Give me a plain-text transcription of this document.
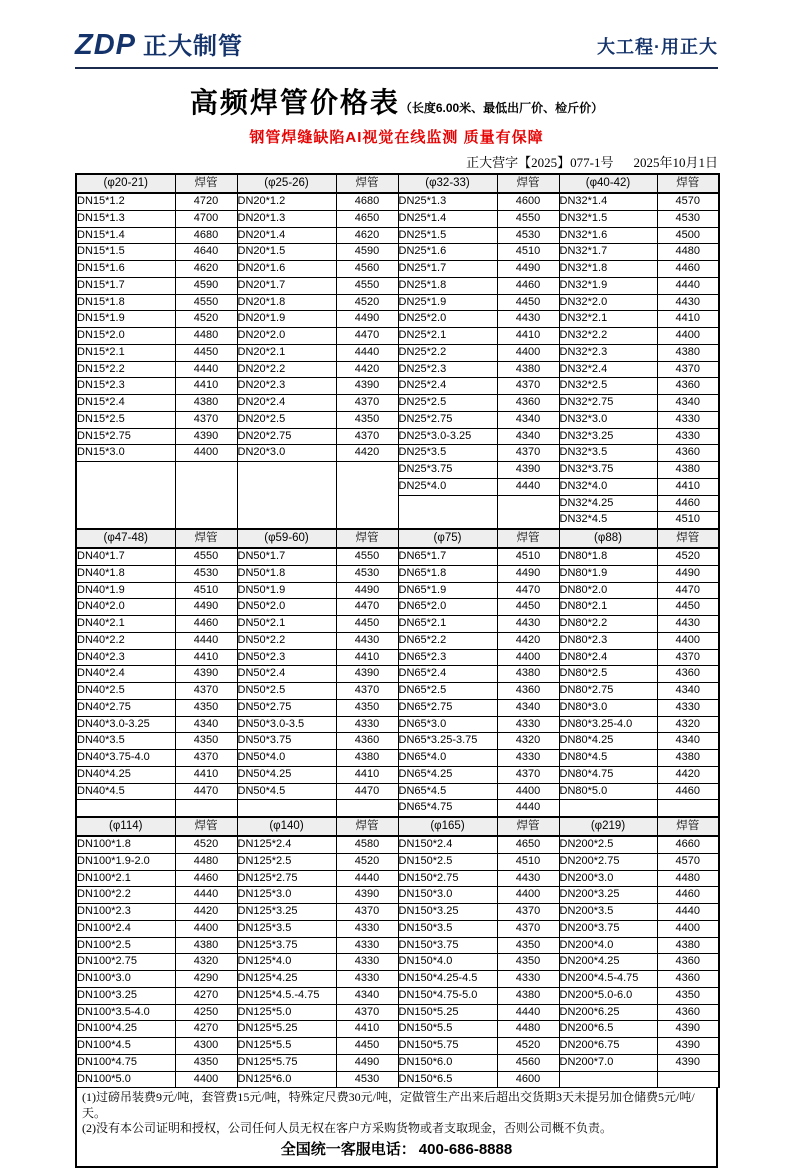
ZDP 正大制管	大工程·用正大
高频焊管价格表（长度6.00米、最低出厂价、检斤价）
钢管焊缝缺陷AI视觉在线监测 质量有保障
正大营字【2025】077-1号 2025年10月1日
(φ20-21)	焊管	(φ25-26)	焊管	(φ32-33)	焊管	(φ40-42)	焊管
DN15*1.2	4720	DN20*1.2	4680	DN25*1.3	4600	DN32*1.4	4570
DN15*1.3	4700	DN20*1.3	4650	DN25*1.4	4550	DN32*1.5	4530
DN15*1.4	4680	DN20*1.4	4620	DN25*1.5	4530	DN32*1.6	4500
DN15*1.5	4640	DN20*1.5	4590	DN25*1.6	4510	DN32*1.7	4480
DN15*1.6	4620	DN20*1.6	4560	DN25*1.7	4490	DN32*1.8	4460
DN15*1.7	4590	DN20*1.7	4550	DN25*1.8	4460	DN32*1.9	4440
DN15*1.8	4550	DN20*1.8	4520	DN25*1.9	4450	DN32*2.0	4430
DN15*1.9	4520	DN20*1.9	4490	DN25*2.0	4430	DN32*2.1	4410
DN15*2.0	4480	DN20*2.0	4470	DN25*2.1	4410	DN32*2.2	4400
DN15*2.1	4450	DN20*2.1	4440	DN25*2.2	4400	DN32*2.3	4380
DN15*2.2	4440	DN20*2.2	4420	DN25*2.3	4380	DN32*2.4	4370
DN15*2.3	4410	DN20*2.3	4390	DN25*2.4	4370	DN32*2.5	4360
DN15*2.4	4380	DN20*2.4	4370	DN25*2.5	4360	DN32*2.75	4340
DN15*2.5	4370	DN20*2.5	4350	DN25*2.75	4340	DN32*3.0	4330
DN15*2.75	4390	DN20*2.75	4370	DN25*3.0-3.25	4340	DN32*3.25	4330
DN15*3.0	4400	DN20*3.0	4420	DN25*3.5	4370	DN32*3.5	4360
				DN25*3.75	4390	DN32*3.75	4380
				DN25*4.0	4440	DN32*4.0	4410
						DN32*4.25	4460
						DN32*4.5	4510
(φ47-48)	焊管	(φ59-60)	焊管	(φ75)	焊管	(φ88)	焊管
DN40*1.7	4550	DN50*1.7	4550	DN65*1.7	4510	DN80*1.8	4520
DN40*1.8	4530	DN50*1.8	4530	DN65*1.8	4490	DN80*1.9	4490
DN40*1.9	4510	DN50*1.9	4490	DN65*1.9	4470	DN80*2.0	4470
DN40*2.0	4490	DN50*2.0	4470	DN65*2.0	4450	DN80*2.1	4450
DN40*2.1	4460	DN50*2.1	4450	DN65*2.1	4430	DN80*2.2	4430
DN40*2.2	4440	DN50*2.2	4430	DN65*2.2	4420	DN80*2.3	4400
DN40*2.3	4410	DN50*2.3	4410	DN65*2.3	4400	DN80*2.4	4370
DN40*2.4	4390	DN50*2.4	4390	DN65*2.4	4380	DN80*2.5	4360
DN40*2.5	4370	DN50*2.5	4370	DN65*2.5	4360	DN80*2.75	4340
DN40*2.75	4350	DN50*2.75	4350	DN65*2.75	4340	DN80*3.0	4330
DN40*3.0-3.25	4340	DN50*3.0-3.5	4330	DN65*3.0	4330	DN80*3.25-4.0	4320
DN40*3.5	4350	DN50*3.75	4360	DN65*3.25-3.75	4320	DN80*4.25	4340
DN40*3.75-4.0	4370	DN50*4.0	4380	DN65*4.0	4330	DN80*4.5	4380
DN40*4.25	4410	DN50*4.25	4410	DN65*4.25	4370	DN80*4.75	4420
DN40*4.5	4470	DN50*4.5	4470	DN65*4.5	4400	DN80*5.0	4460
				DN65*4.75	4440		
(φ114)	焊管	(φ140)	焊管	(φ165)	焊管	(φ219)	焊管
DN100*1.8	4520	DN125*2.4	4580	DN150*2.4	4650	DN200*2.5	4660
DN100*1.9-2.0	4480	DN125*2.5	4520	DN150*2.5	4510	DN200*2.75	4570
DN100*2.1	4460	DN125*2.75	4440	DN150*2.75	4430	DN200*3.0	4480
DN100*2.2	4440	DN125*3.0	4390	DN150*3.0	4400	DN200*3.25	4460
DN100*2.3	4420	DN125*3.25	4370	DN150*3.25	4370	DN200*3.5	4440
DN100*2.4	4400	DN125*3.5	4330	DN150*3.5	4370	DN200*3.75	4400
DN100*2.5	4380	DN125*3.75	4330	DN150*3.75	4350	DN200*4.0	4380
DN100*2.75	4320	DN125*4.0	4330	DN150*4.0	4350	DN200*4.25	4360
DN100*3.0	4290	DN125*4.25	4330	DN150*4.25-4.5	4330	DN200*4.5-4.75	4360
DN100*3.25	4270	DN125*4.5.-4.75	4340	DN150*4.75-5.0	4380	DN200*5.0-6.0	4350
DN100*3.5-4.0	4250	DN125*5.0	4370	DN150*5.25	4440	DN200*6.25	4360
DN100*4.25	4270	DN125*5.25	4410	DN150*5.5	4480	DN200*6.5	4390
DN100*4.5	4300	DN125*5.5	4450	DN150*5.75	4520	DN200*6.75	4390
DN100*4.75	4350	DN125*5.75	4490	DN150*6.0	4560	DN200*7.0	4390
DN100*5.0	4400	DN125*6.0	4530	DN150*6.5	4600		
(1)过磅吊装费9元/吨，套管费15元/吨，特殊定尺费30元/吨，定做管生产出来后超出交货期3天未提另加仓储费5元/吨/天。
(2)没有本公司证明和授权，公司任何人员无权在客户方采购货物或者支取现金，否则公司概不负责。
全国统一客服电话： 400-686-8888
